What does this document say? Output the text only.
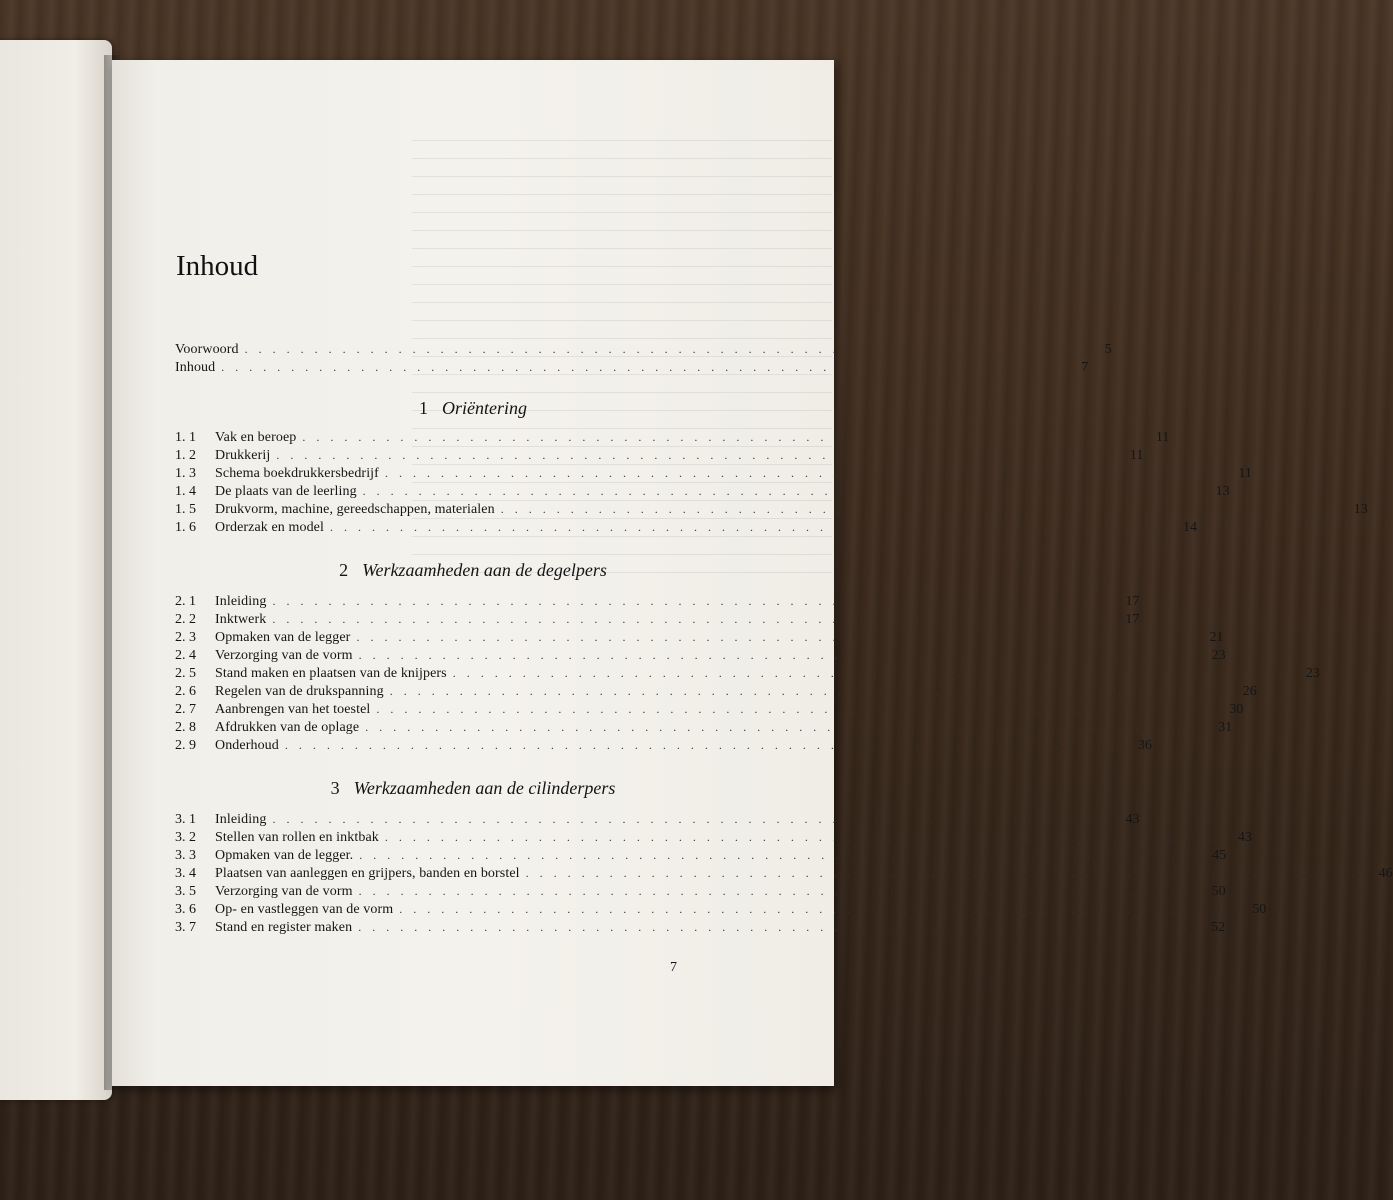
Inhoud
Voorwoord . . . . . . . . . . . . . . . . . . . . . . . . . . . . . . . . . . . . . . . . . . . . . . . . . . . . . . . . . . . .	5
Inhoud . . . . . . . . . . . . . . . . . . . . . . . . . . . . . . . . . . . . . . . . . . . . . . . . . . . . . . . . . . . .	7
1 Oriëntering
1. 1	Vak en beroep . . . . . . . . . . . . . . . . . . . . . . . . . . . . . . . . . . . . . . . . . . . . . . . . . . . . . . . . . . . .	11
1. 2	Drukkerij . . . . . . . . . . . . . . . . . . . . . . . . . . . . . . . . . . . . . . . . . . . . . . . . . . . . . . . . . . . .	11
1. 3	Schema boekdrukkersbedrijf . . . . . . . . . . . . . . . . . . . . . . . . . . . . . . . . . . . . . . . . . . . . . . . . . . . . . . . . . . . .	11
1. 4	De plaats van de leerling . . . . . . . . . . . . . . . . . . . . . . . . . . . . . . . . . . . . . . . . . . . . . . . . . . . . . . . . . . . .	13
1. 5	Drukvorm, machine, gereedschappen, materialen . . . . . . . . . . . . . . . . . . . . . . . . . . . . . . . . . . . . . . . . . . . . . . . . . . . . . . . . . . . .	13
1. 6	Orderzak en model . . . . . . . . . . . . . . . . . . . . . . . . . . . . . . . . . . . . . . . . . . . . . . . . . . . . . . . . . . . .	14
2 Werkzaamheden aan de degelpers
2. 1	Inleiding . . . . . . . . . . . . . . . . . . . . . . . . . . . . . . . . . . . . . . . . . . . . . . . . . . . . . . . . . . . .	17
2. 2	Inktwerk . . . . . . . . . . . . . . . . . . . . . . . . . . . . . . . . . . . . . . . . . . . . . . . . . . . . . . . . . . . .	17
2. 3	Opmaken van de legger . . . . . . . . . . . . . . . . . . . . . . . . . . . . . . . . . . . . . . . . . . . . . . . . . . . . . . . . . . . .	21
2. 4	Verzorging van de vorm . . . . . . . . . . . . . . . . . . . . . . . . . . . . . . . . . . . . . . . . . . . . . . . . . . . . . . . . . . . .	23
2. 5	Stand maken en plaatsen van de knijpers . . . . . . . . . . . . . . . . . . . . . . . . . . . . . . . . . . . . . . . . . . . . . . . . . . . . . . . . . . . .	23
2. 6	Regelen van de drukspanning . . . . . . . . . . . . . . . . . . . . . . . . . . . . . . . . . . . . . . . . . . . . . . . . . . . . . . . . . . . .	26
2. 7	Aanbrengen van het toestel . . . . . . . . . . . . . . . . . . . . . . . . . . . . . . . . . . . . . . . . . . . . . . . . . . . . . . . . . . . .	30
2. 8	Afdrukken van de oplage . . . . . . . . . . . . . . . . . . . . . . . . . . . . . . . . . . . . . . . . . . . . . . . . . . . . . . . . . . . .	31
2. 9	Onderhoud . . . . . . . . . . . . . . . . . . . . . . . . . . . . . . . . . . . . . . . . . . . . . . . . . . . . . . . . . . . .	36
3 Werkzaamheden aan de cilinderpers
3. 1	Inleiding . . . . . . . . . . . . . . . . . . . . . . . . . . . . . . . . . . . . . . . . . . . . . . . . . . . . . . . . . . . .	43
3. 2	Stellen van rollen en inktbak . . . . . . . . . . . . . . . . . . . . . . . . . . . . . . . . . . . . . . . . . . . . . . . . . . . . . . . . . . . .	43
3. 3	Opmaken van de legger. . . . . . . . . . . . . . . . . . . . . . . . . . . . . . . . . . . . . . . . . . . . . . . . . . . . . . . . . . . . .	45
3. 4	Plaatsen van aanleggen en grijpers, banden en borstel . . . . . . . . . . . . . . . . . . . . . . . . . . . . . . . . . . . . . . . . . . . . . . . . . . . . . . . . . . . .	46
3. 5	Verzorging van de vorm . . . . . . . . . . . . . . . . . . . . . . . . . . . . . . . . . . . . . . . . . . . . . . . . . . . . . . . . . . . .	50
3. 6	Op- en vastleggen van de vorm . . . . . . . . . . . . . . . . . . . . . . . . . . . . . . . . . . . . . . . . . . . . . . . . . . . . . . . . . . . .	50
3. 7	Stand en register maken . . . . . . . . . . . . . . . . . . . . . . . . . . . . . . . . . . . . . . . . . . . . . . . . . . . . . . . . . . . .	52
7
